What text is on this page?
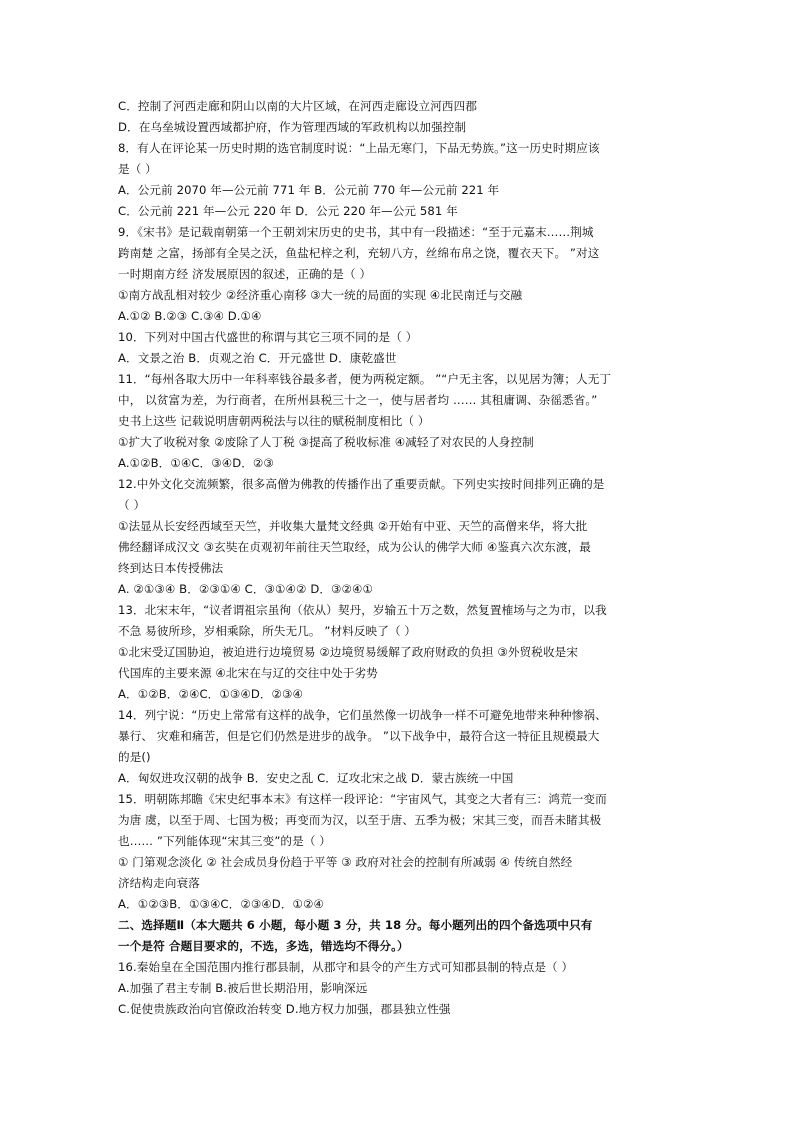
C．控制了河西走廊和阴山以南的大片区域，在河西走廊设立河西四郡
D．在乌垒城设置西域都护府，作为管理西域的军政机构以加强控制
8．有人在评论某一历史时期的选官制度时说：“上品无寒门，下品无势族。”这一历史时期应该
是（ ）
A．公元前 2070 年—公元前 771 年 B．公元前 770 年—公元前 221 年
C．公元前 221 年—公元 220 年 D．公元 220 年—公元 581 年
9．《宋书》是记载南朝第一个王朝刘宋历史的史书，其中有一段描述：“至于元嘉末……荆城
跨南楚 之富，扬部有全吴之沃，鱼盐杞梓之利，充轫八方，丝绵布帛之饶，覆衣天下。 ”对这
一时期南方经 济发展原因的叙述，正确的是（ ）
①南方战乱相对较少 ②经济重心南移 ③大一统的局面的实现 ④北民南迁与交融
A.①② B.②③ C.③④ D.①④
10．下列对中国古代盛世的称谓与其它三项不同的是（ ）
A．文景之治 B．贞观之治 C．开元盛世 D．康乾盛世
11．“每州各取大历中一年科率钱谷最多者，便为两税定额。 ”“户无主客，以见居为簿；人无丁
中， 以贫富为差，为行商者，在所州县税三十之一，使与居者均 …… 其租庸调、杂徭悉省。”
史书上这些 记载说明唐朝两税法与以往的赋税制度相比（ ）
①扩大了收税对象 ②废除了人丁税 ③提高了税收标准 ④减轻了对农民的人身控制
A.①②B．①④C．③④D．②③
12.中外文化交流频繁，很多高僧为佛教的传播作出了重要贡献。下列史实按时间排列正确的是
（ ）
①法显从长安经西域至天竺，并收集大量梵文经典 ②开始有中亚、天竺的高僧来华，将大批
佛经翻译成汉文 ③玄奘在贞观初年前往天竺取经，成为公认的佛学大师 ④鉴真六次东渡，最
终到达日本传授佛法
A. ②①③④ B．②③①④ C．③①④② D．③②④①
13．北宋末年，“议者谓祖宗虽徇（依从）契丹，岁输五十万之数，然复置榷场与之为市，以我
不急 易彼所珍，岁相乘除，所失无几。 ”材料反映了（ ）
①北宋受辽国胁迫，被迫进行边境贸易 ②边境贸易缓解了政府财政的负担 ③外贸税收是宋
代国库的主要来源 ④北宋在与辽的交往中处于劣势
A．①②B．②④C．①③④D．②③④
14．列宁说：“历史上常常有这样的战争，它们虽然像一切战争一样不可避免地带来种种惨祸、
暴行、 灾难和痛苦，但是它们仍然是进步的战争。 ”以下战争中，最符合这一特征且规模最大
的是()
A．匈奴进攻汉朝的战争 B．安史之乱 C．辽攻北宋之战 D．蒙古族统一中国
15．明朝陈邦瞻《宋史纪事本末》有这样一段评论：“宇宙风气，其变之大者有三：鸿荒一变而
为唐 虞，以至于周、七国为极；再变而为汉，以至于唐、五季为极；宋其三变，而吾未睹其极
也…… ”下列能体现“宋其三变”的是（ ）
① 门第观念淡化 ② 社会成员身份趋于平等 ③ 政府对社会的控制有所减弱 ④ 传统自然经
济结构走向衰落
A．①②③B．①③④C．②③④D．①②④
二、选择题Ⅱ（本大题共 6 小题，每小题 3 分，共 18 分。每小题列出的四个备选项中只有
一个是符 合题目要求的，不选，多选，错选均不得分。）
16.秦始皇在全国范围内推行郡县制，从郡守和县令的产生方式可知郡县制的特点是（ ）
A.加强了君主专制 B.被后世长期沿用，影响深远
C.促使贵族政治向官僚政治转变 D.地方权力加强，郡县独立性强
